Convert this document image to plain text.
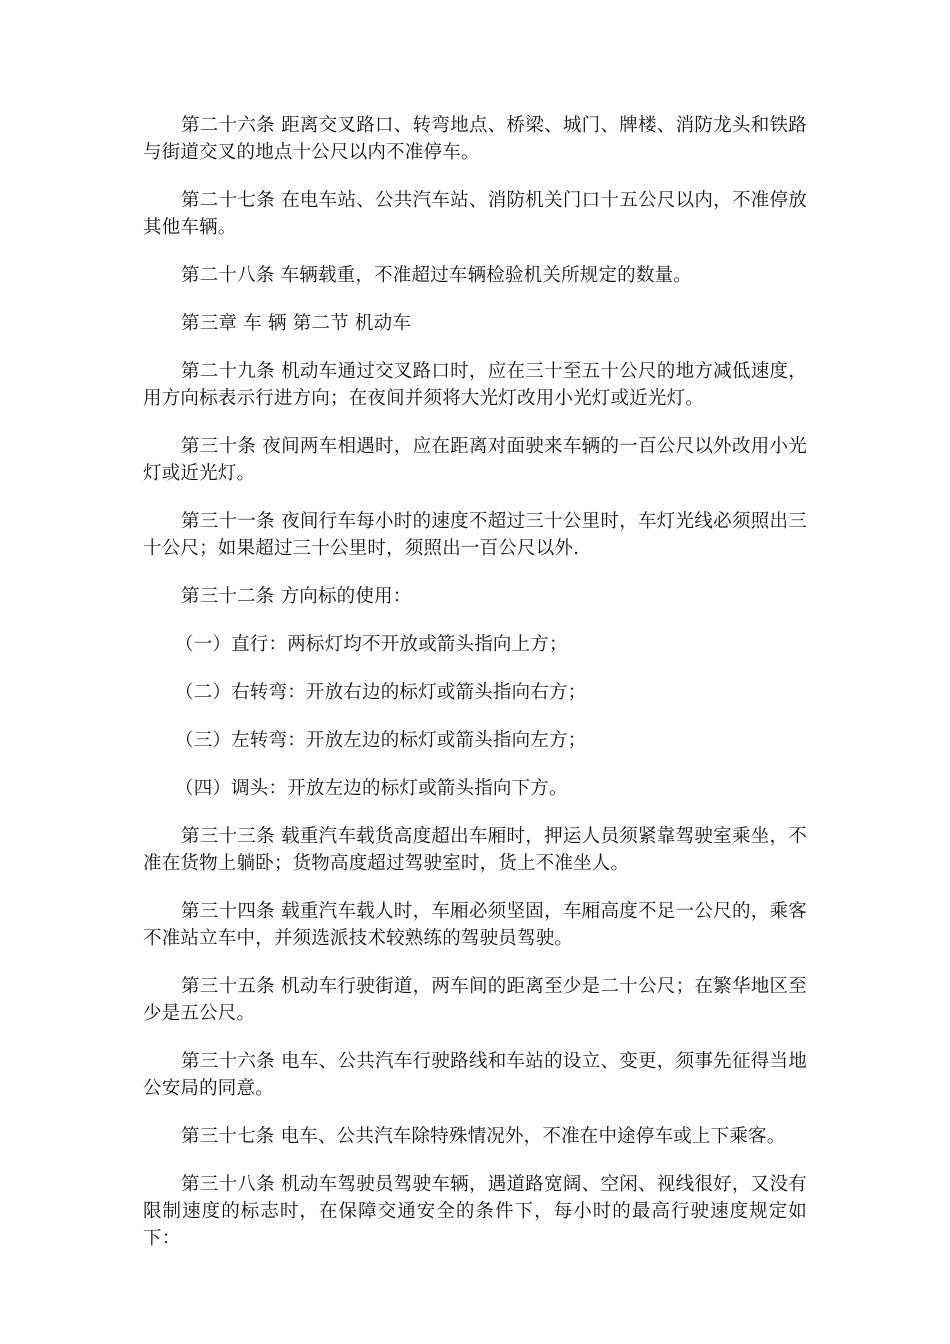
第二十六条 距离交叉路口、转弯地点、桥梁、城门、牌楼、消防龙头和铁路与街道交叉的地点十公尺以内不准停车。

第二十七条 在电车站、公共汽车站、消防机关门口十五公尺以内，不准停放其他车辆。

第二十八条 车辆载重，不准超过车辆检验机关所规定的数量。

第三章 车 辆 第二节 机动车

第二十九条 机动车通过交叉路口时，应在三十至五十公尺的地方减低速度，用方向标表示行进方向；在夜间并须将大光灯改用小光灯或近光灯。

第三十条 夜间两车相遇时，应在距离对面驶来车辆的一百公尺以外改用小光灯或近光灯。

第三十一条 夜间行车每小时的速度不超过三十公里时，车灯光线必须照出三十公尺；如果超过三十公里时，须照出一百公尺以外.

第三十二条 方向标的使用：

（一）直行：两标灯均不开放或箭头指向上方；

（二）右转弯：开放右边的标灯或箭头指向右方；

（三）左转弯：开放左边的标灯或箭头指向左方；

（四）调头：开放左边的标灯或箭头指向下方。

第三十三条 载重汽车载货高度超出车厢时，押运人员须紧靠驾驶室乘坐，不准在货物上躺卧；货物高度超过驾驶室时，货上不准坐人。

第三十四条 载重汽车载人时，车厢必须坚固，车厢高度不足一公尺的，乘客不准站立车中，并须选派技术较熟练的驾驶员驾驶。

第三十五条 机动车行驶街道，两车间的距离至少是二十公尺；在繁华地区至少是五公尺。

第三十六条 电车、公共汽车行驶路线和车站的设立、变更，须事先征得当地公安局的同意。

第三十七条 电车、公共汽车除特殊情况外，不准在中途停车或上下乘客。

第三十八条 机动车驾驶员驾驶车辆，遇道路宽阔、空闲、视线很好，又没有限制速度的标志时，在保障交通安全的条件下，每小时的最高行驶速度规定如下：
